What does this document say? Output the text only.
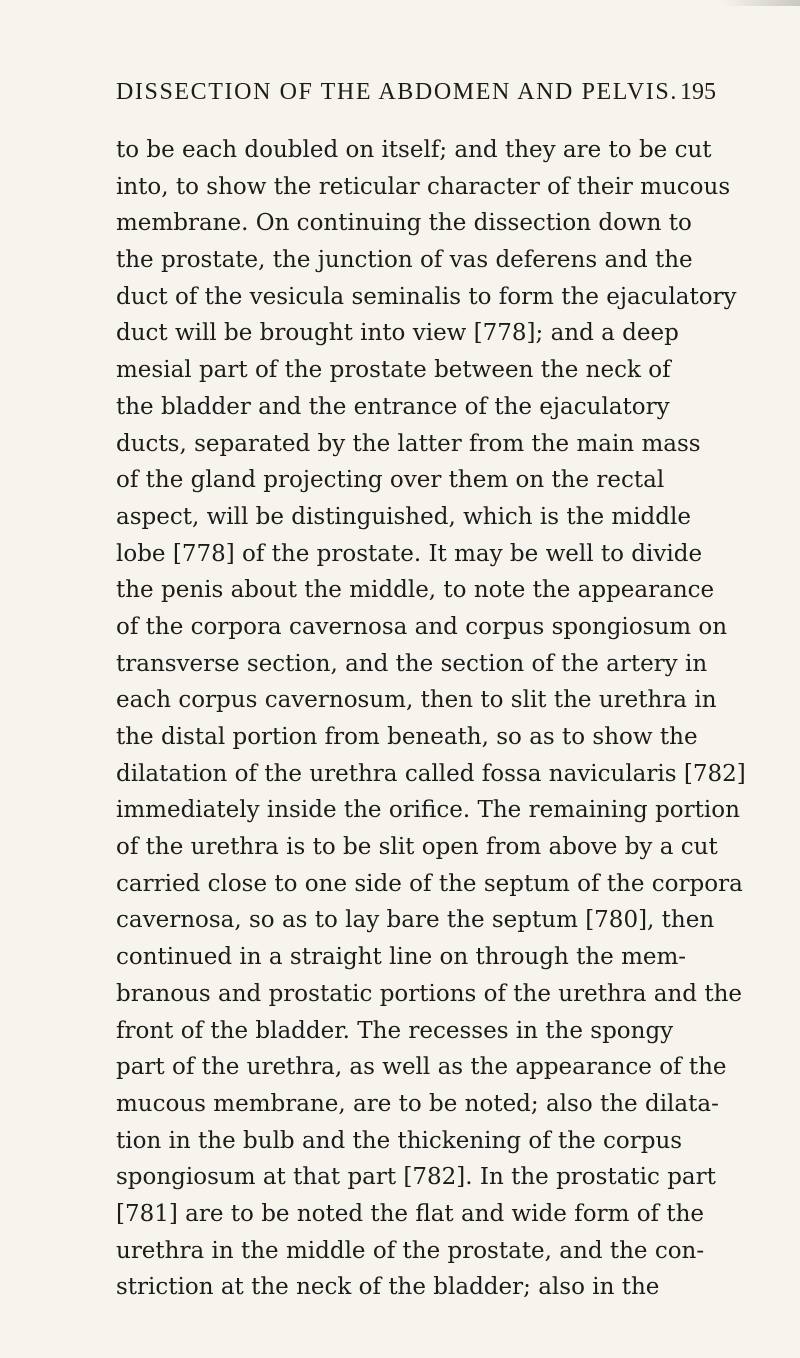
DISSECTION OF THE ABDOMEN AND PELVIS. 195
to be each doubled on itself; and they are to be cut
into, to show the reticular character of their mucous
membrane. On continuing the dissection down to
the prostate, the junction of vas deferens and the
duct of the vesicula seminalis to form the ejaculatory
duct will be brought into view [778]; and a deep
mesial part of the prostate between the neck of
the bladder and the entrance of the ejaculatory
ducts, separated by the latter from the main mass
of the gland projecting over them on the rectal
aspect, will be distinguished, which is the middle
lobe [778] of the prostate. It may be well to divide
the penis about the middle, to note the appearance
of the corpora cavernosa and corpus spongiosum on
transverse section, and the section of the artery in
each corpus cavernosum, then to slit the urethra in
the distal portion from beneath, so as to show the
dilatation of the urethra called fossa navicularis [782]
immediately inside the orifice. The remaining portion
of the urethra is to be slit open from above by a cut
carried close to one side of the septum of the corpora
cavernosa, so as to lay bare the septum [780], then
continued in a straight line on through the mem-
branous and prostatic portions of the urethra and the
front of the bladder. The recesses in the spongy
part of the urethra, as well as the appearance of the
mucous membrane, are to be noted; also the dilata-
tion in the bulb and the thickening of the corpus
spongiosum at that part [782]. In the prostatic part
[781] are to be noted the flat and wide form of the
urethra in the middle of the prostate, and the con-
striction at the neck of the bladder; also in the
